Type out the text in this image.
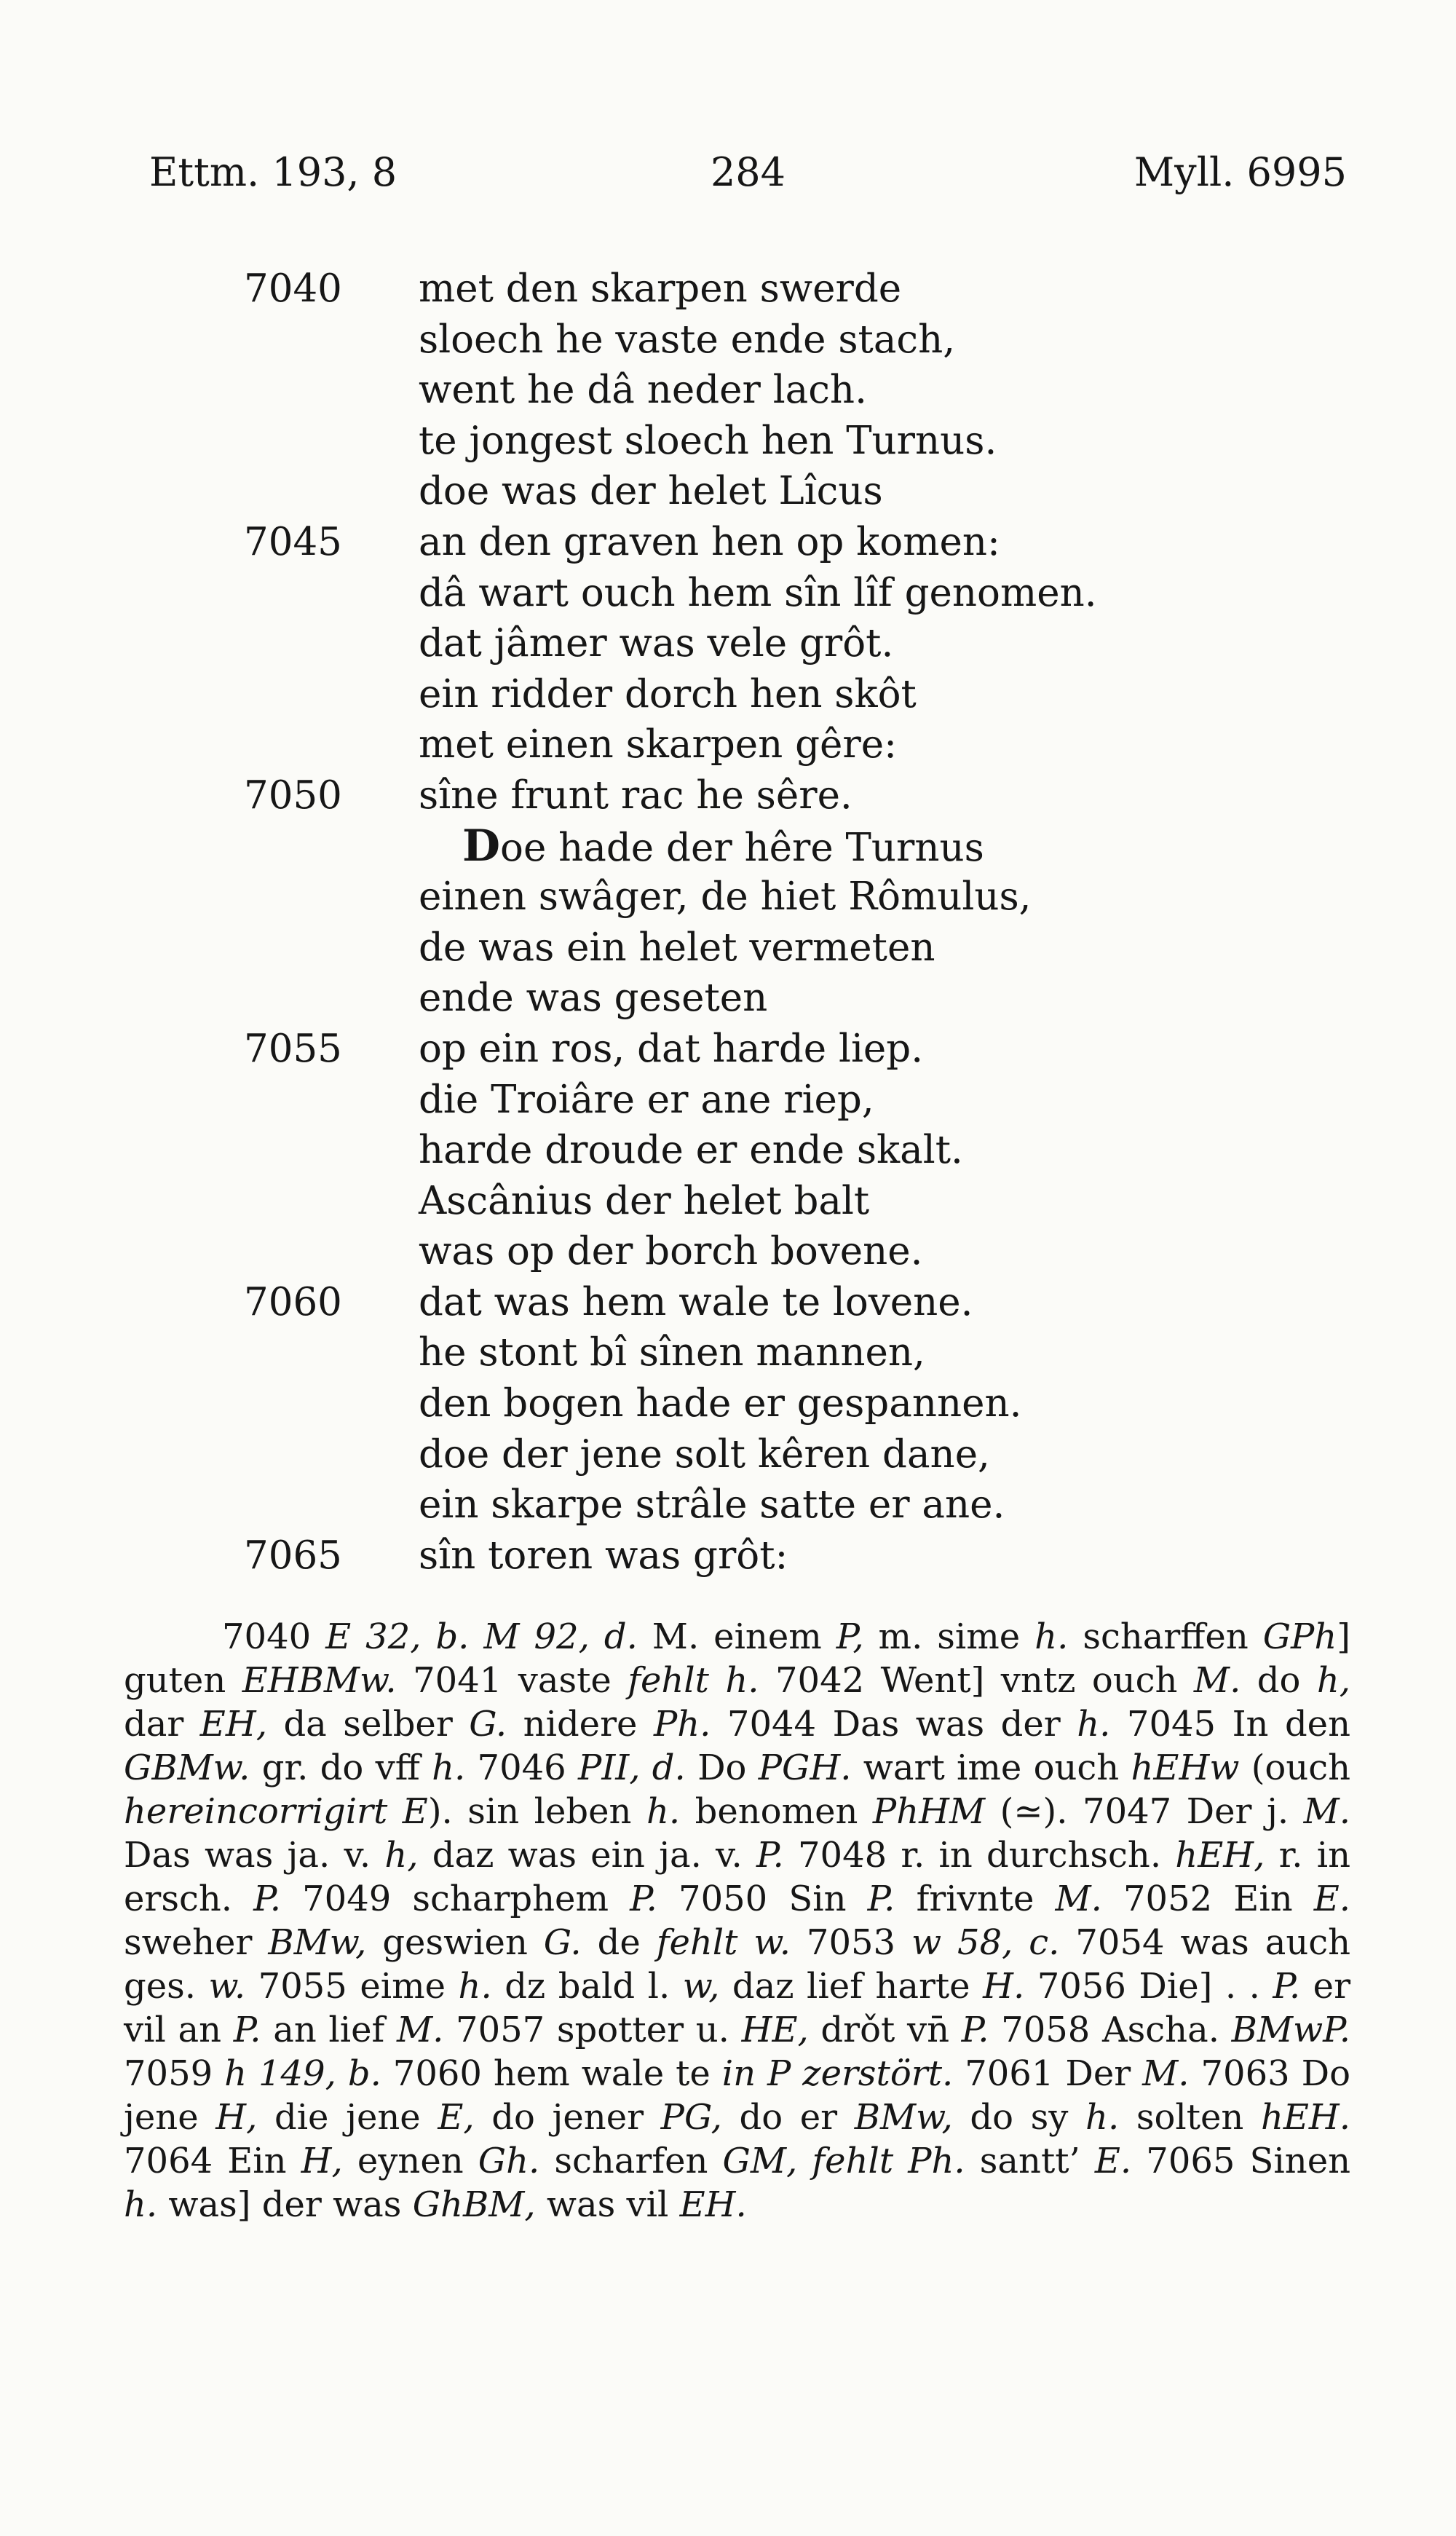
Ettm. 193, 8	284	Myll. 6995
7040	met den skarpen swerde
sloech he vaste ende stach,
went he dâ neder lach.
te jongest sloech hen Turnus.
doe was der helet Lîcus
7045	an den graven hen op komen:
dâ wart ouch hem sîn lîf genomen.
dat jâmer was vele grôt.
ein ridder dorch hen skôt
met einen skarpen gêre:
7050	sîne frunt rac he sêre.
Doe hade der hêre Turnus
einen swâger, de hiet Rômulus,
de was ein helet vermeten
ende was geseten
7055	op ein ros, dat harde liep.
die Troiâre er ane riep,
harde droude er ende skalt.
Ascânius der helet balt
was op der borch bovene.
7060	dat was hem wale te lovene.
he stont bî sînen mannen,
den bogen hade er gespannen.
doe der jene solt kêren dane,
ein skarpe strâle satte er ane.
7065	sîn toren was grôt:

7040 E 32, b. M 92, d. M. einem P, m. sime h. scharffen GPh] guten EHBMw. 7041 vaste fehlt h. 7042 Went] vntz ouch M. do h, dar EH, da selber G. nidere Ph. 7044 Das was der h. 7045 In den GBMw. gr. do vff h. 7046 PII, d. Do PGH. wart ime ouch hEHw (ouch hereincorrigirt E). sin leben h. benomen PhHM (≃). 7047 Der j. M. Das was ja. v. h, daz was ein ja. v. P. 7048 r. in durchsch. hEH, r. in ersch. P. 7049 scharphem P. 7050 Sin P. frivnte M. 7052 Ein E. sweher BMw, geswien G. de fehlt w. 7053 w 58, c. 7054 was auch ges. w. 7055 eime h. dz bald l. w, daz lief harte H. 7056 Die] . . P. er vil an P. an lief M. 7057 spotter u. HE, drǒt vn̄ P. 7058 Ascha. BMwP. 7059 h 149, b. 7060 hem wale te in P zerstört. 7061 Der M. 7063 Do jene H, die jene E, do jener PG, do er BMw, do sy h. solten hEH. 7064 Ein H, eynen Gh. scharfen GM, fehlt Ph. santt’ E. 7065 Sinen h. was] der was GhBM, was vil EH.
